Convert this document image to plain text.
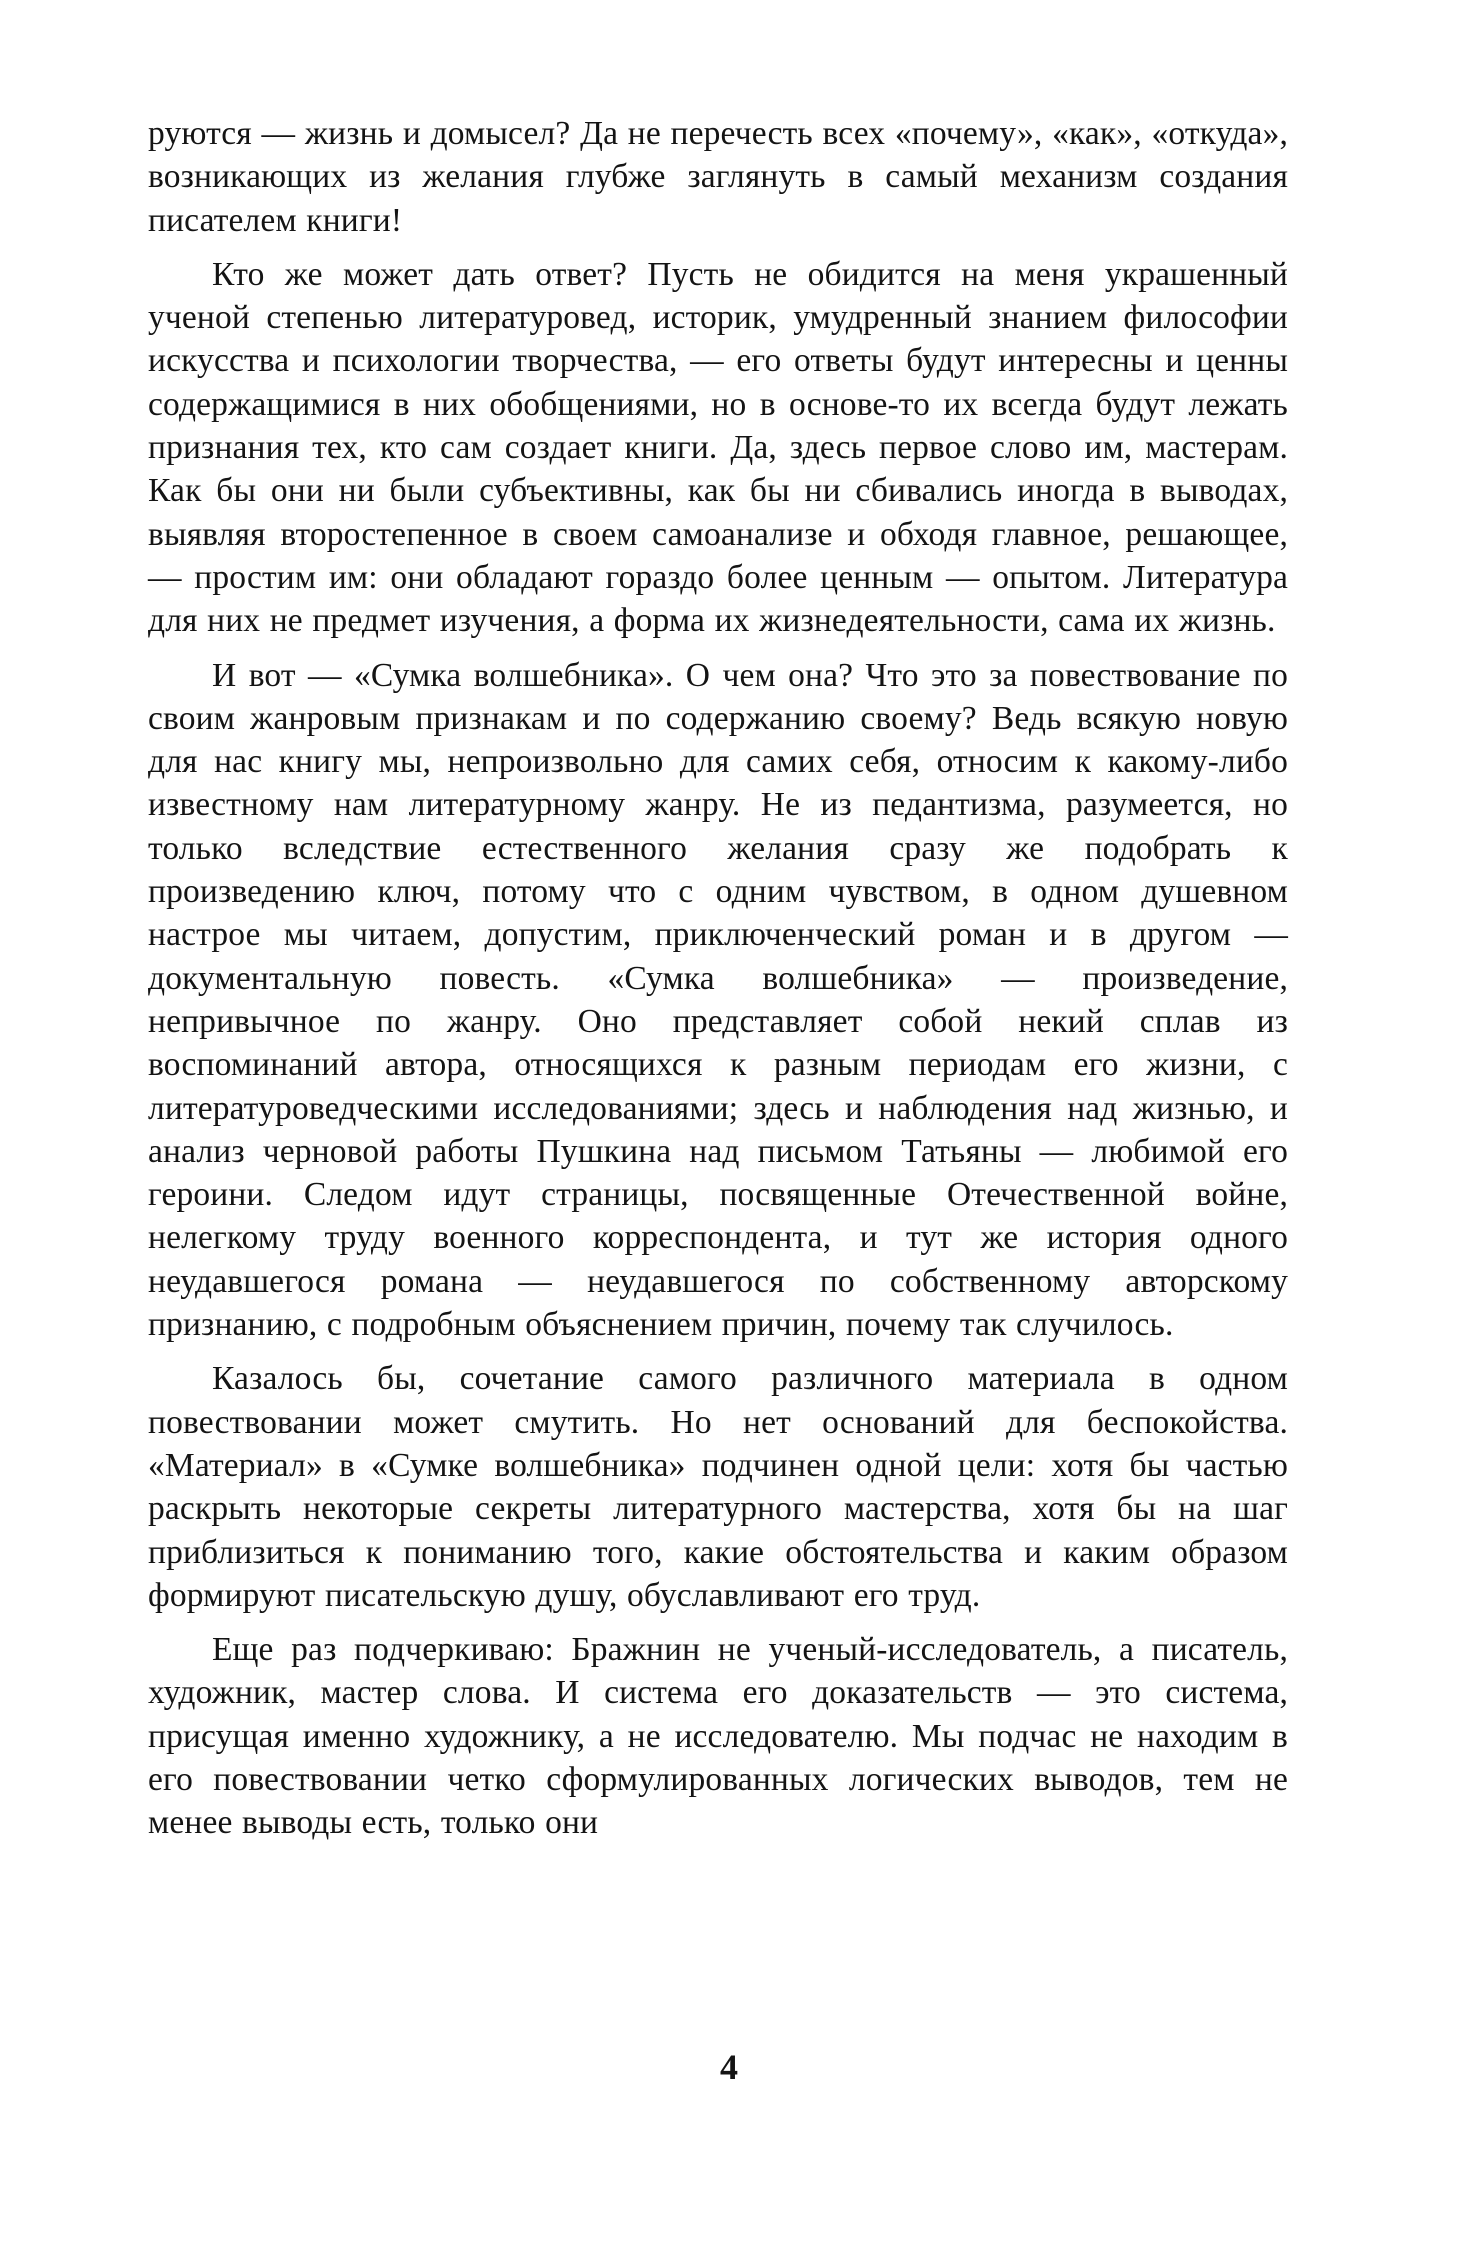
руются — жизнь и домысел? Да не перечесть всех «почему», «как», «откуда», возникающих из желания глубже заглянуть в самый механизм создания писателем книги!

Кто же может дать ответ? Пусть не обидится на меня украшенный ученой степенью литературовед, историк, умудренный знанием философии искусства и психологии творчества, — его ответы будут интересны и ценны содержащимися в них обобщениями, но в основе-то их всегда будут лежать признания тех, кто сам создает книги. Да, здесь первое слово им, мастерам. Как бы они ни были субъективны, как бы ни сбивались иногда в выводах, выявляя второстепенное в своем самоанализе и обходя главное, решающее, — простим им: они обладают гораздо более ценным — опытом. Литература для них не предмет изучения, а форма их жизнедеятельности, сама их жизнь.

И вот — «Сумка волшебника». О чем она? Что это за повествование по своим жанровым признакам и по содержанию своему? Ведь всякую новую для нас книгу мы, непроизвольно для самих себя, относим к какому-либо известному нам литературному жанру. Не из педантизма, разумеется, но только вследствие естественного желания сразу же подобрать к произведению ключ, потому что с одним чувством, в одном душевном настрое мы читаем, допустим, приключенческий роман и в другом — документальную повесть. «Сумка волшебника» — произведение, непривычное по жанру. Оно представляет собой некий сплав из воспоминаний автора, относящихся к разным периодам его жизни, с литературоведческими исследованиями; здесь и наблюдения над жизнью, и анализ черновой работы Пушкина над письмом Татьяны — любимой его героини. Следом идут страницы, посвященные Отечественной войне, нелегкому труду военного корреспондента, и тут же история одного неудавшегося романа — неудавшегося по собственному авторскому признанию, с подробным объяснением причин, почему так случилось.

Казалось бы, сочетание самого различного материала в одном повествовании может смутить. Но нет оснований для беспокойства. «Материал» в «Сумке волшебника» подчинен одной цели: хотя бы частью раскрыть некоторые секреты литературного мастерства, хотя бы на шаг приблизиться к пониманию того, какие обстоятельства и каким образом формируют писательскую душу, обуславливают его труд.

Еще раз подчеркиваю: Бражнин не ученый-исследователь, а писатель, художник, мастер слова. И система его доказательств — это система, присущая именно художнику, а не исследователю. Мы подчас не находим в его повествовании четко сформулированных логических выводов, тем не менее выводы есть, только они

4
